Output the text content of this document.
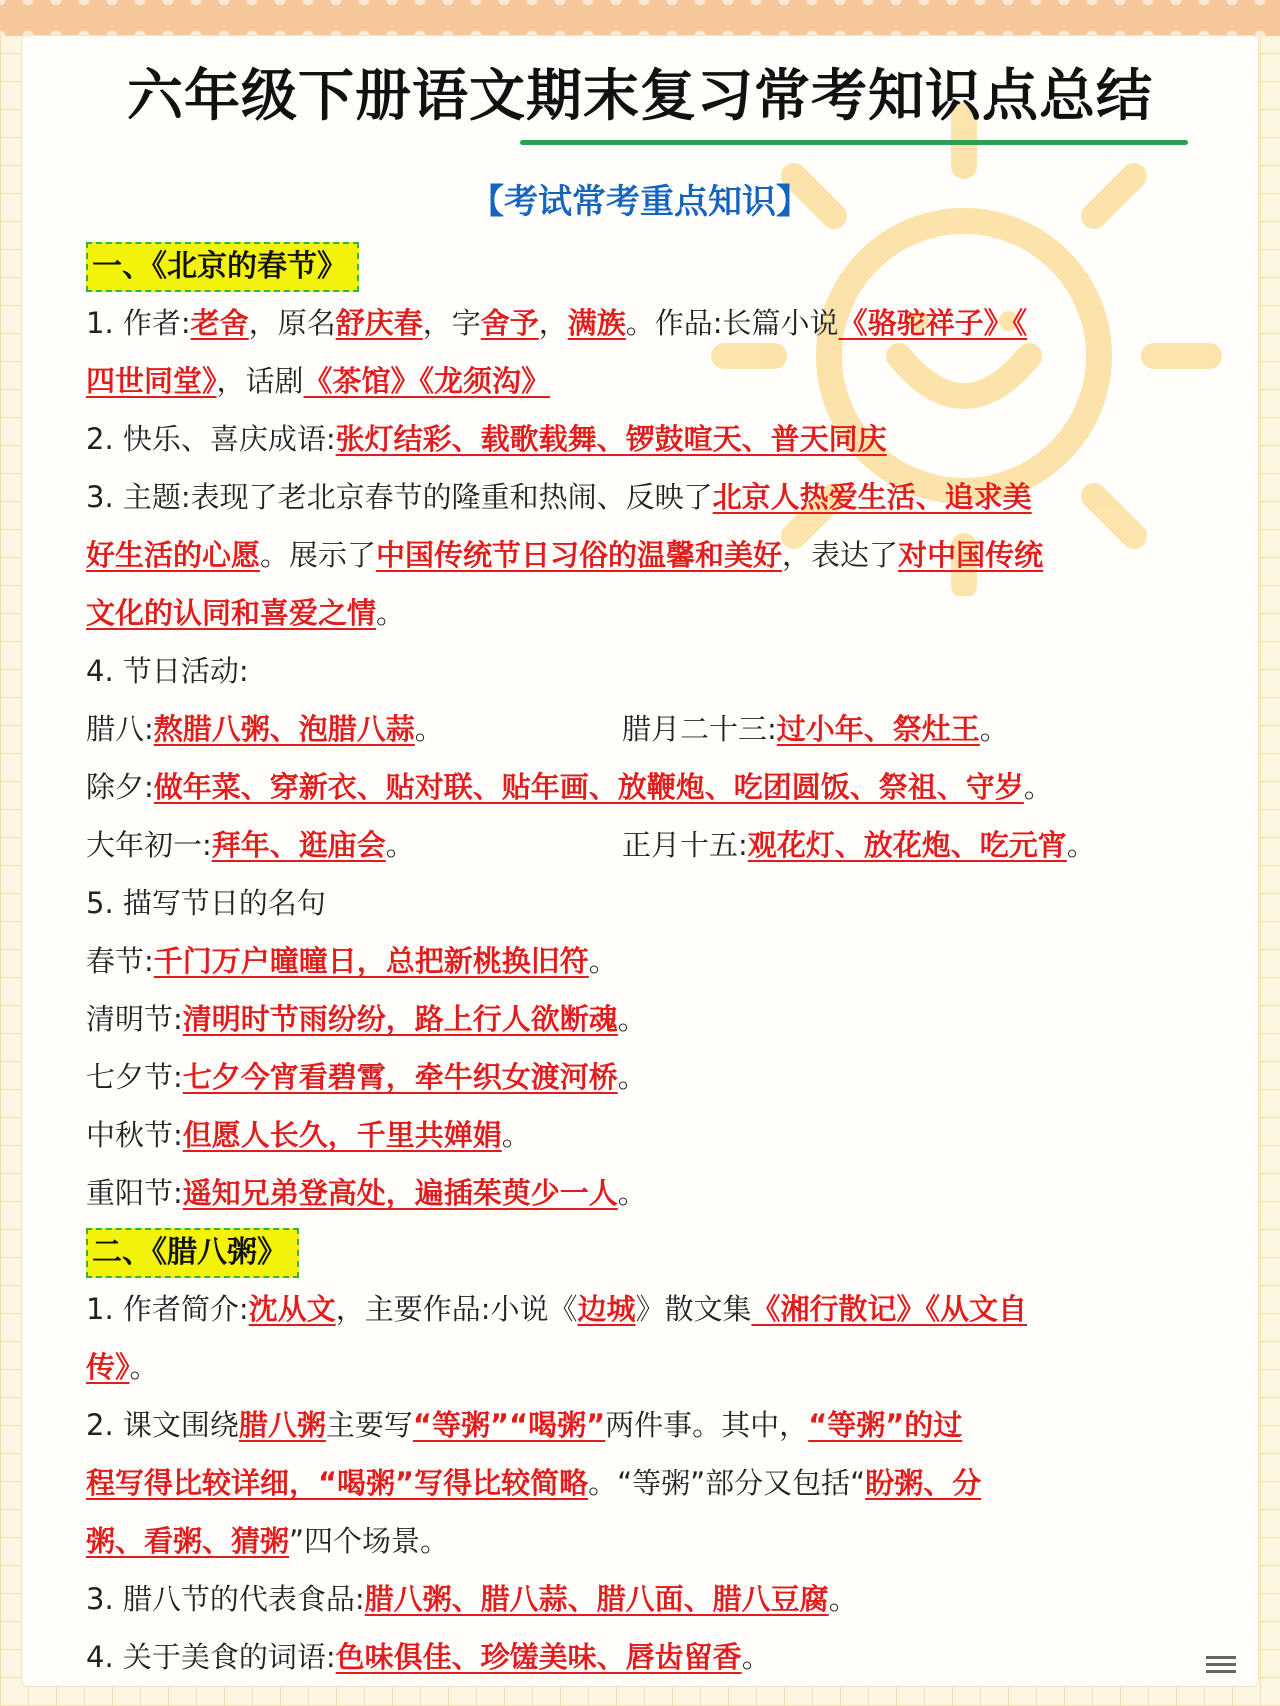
六年级下册语文期末复习常考知识点总结
【考试常考重点知识】
一、《北京的春节》
1. 作者:老舍，原名舒庆春，字舍予，满族。作品:长篇小说《骆驼祥子》《
四世同堂》，话剧《茶馆》《龙须沟》
2. 快乐、喜庆成语:张灯结彩、载歌载舞、锣鼓喧天、普天同庆
3. 主题:表现了老北京春节的隆重和热闹、反映了北京人热爱生活、追求美
好生活的心愿。展示了中国传统节日习俗的温馨和美好，表达了对中国传统
文化的认同和喜爱之情。
4. 节日活动:
腊八:熬腊八粥、泡腊八蒜。	腊月二十三:过小年、祭灶王。
除夕:做年菜、穿新衣、贴对联、贴年画、放鞭炮、吃团圆饭、祭祖、守岁。
大年初一:拜年、逛庙会。	正月十五:观花灯、放花炮、吃元宵。
5. 描写节日的名句
春节:千门万户曈曈日，总把新桃换旧符。
清明节:清明时节雨纷纷，路上行人欲断魂。
七夕节:七夕今宵看碧霄，牵牛织女渡河桥。
中秋节:但愿人长久，千里共婵娟。
重阳节:遥知兄弟登高处，遍插茱萸少一人。
二、《腊八粥》
1. 作者简介:沈从文，主要作品:小说《边城》散文集《湘行散记》《从文自
传》。
2. 课文围绕腊八粥主要写“等粥”“喝粥”两件事。其中，“等粥”的过
程写得比较详细，“喝粥”写得比较简略。“等粥”部分又包括“盼粥、分
粥、看粥、猜粥”四个场景。
3. 腊八节的代表食品:腊八粥、腊八蒜、腊八面、腊八豆腐。
4. 关于美食的词语:色味俱佳、珍馐美味、唇齿留香。
